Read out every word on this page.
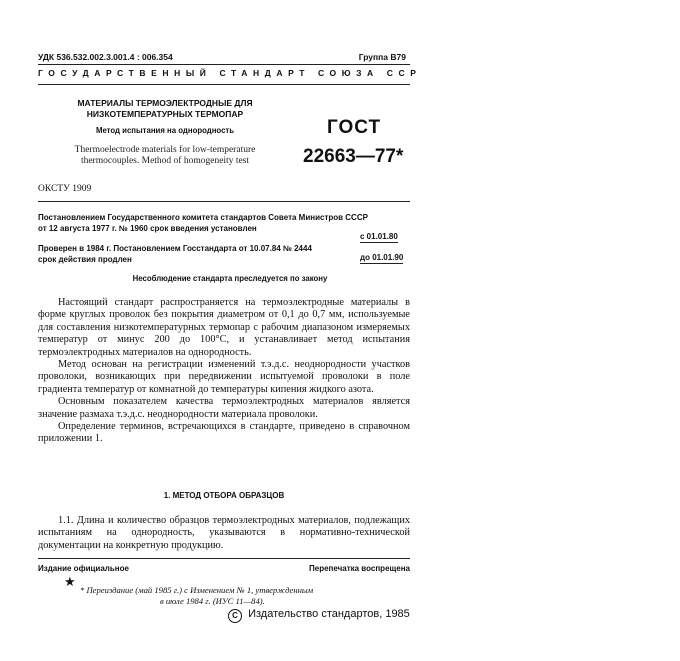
УДК 536.532.002.3.001.4 : 006.354	Группа В79
ГОСУДАРСТВЕННЫЙ СТАНДАРТ СОЮЗА ССР
МАТЕРИАЛЫ ТЕРМОЭЛЕКТРОДНЫЕ ДЛЯ
НИЗКОТЕМПЕРАТУРНЫХ ТЕРМОПАР
Метод испытания на однородность
Thermoelectrode materials for low-temperature
thermocouples. Method of homogeneity test
ГОСТ
22663—77*
ОКСТУ 1909
Постановлением Государственного комитета стандартов Совета Министров СССР
от 12 августа 1977 г. № 1960 срок введения установлен
с 01.01.80
Проверен в 1984 г. Постановлением Госстандарта от 10.07.84 № 2444
срок действия продлен	до 01.01.90
Несоблюдение стандарта преследуется по закону

Настоящий стандарт распространяется на термоэлектродные материалы в форме круглых проволок без покрытия диаметром от 0,1 до 0,7 мм, используемые для составления низкотемпературных термопар с рабочим диапазоном измеряемых температур от минус 200 до 100°C, и устанавливает метод испытания термоэлектродных материалов на однородность.

Метод основан на регистрации изменений т.э.д.с. неоднородности участков проволоки, возникающих при передвижении испытуемой проволоки в поле градиента температур от комнатной до температуры кипения жидкого азота.

Основным показателем качества термоэлектродных материалов является значение размаха т.э.д.с. неоднородности материала проволоки.

Определение терминов, встречающихся в стандарте, приведено в справочном приложении 1.

1. МЕТОД ОТБОРА ОБРАЗЦОВ

1.1. Длина и количество образцов термоэлектродных материалов, подлежащих испытаниям на однородность, указываются в нормативно-технической документации на конкретную продукцию.

Издание официальное	Перепечатка воспрещена
★
* Переиздание (май 1985 г.) с Изменением № 1, утвержденным
в июле 1984 г. (ИУС 11—84).
С Издательство стандартов, 1985
